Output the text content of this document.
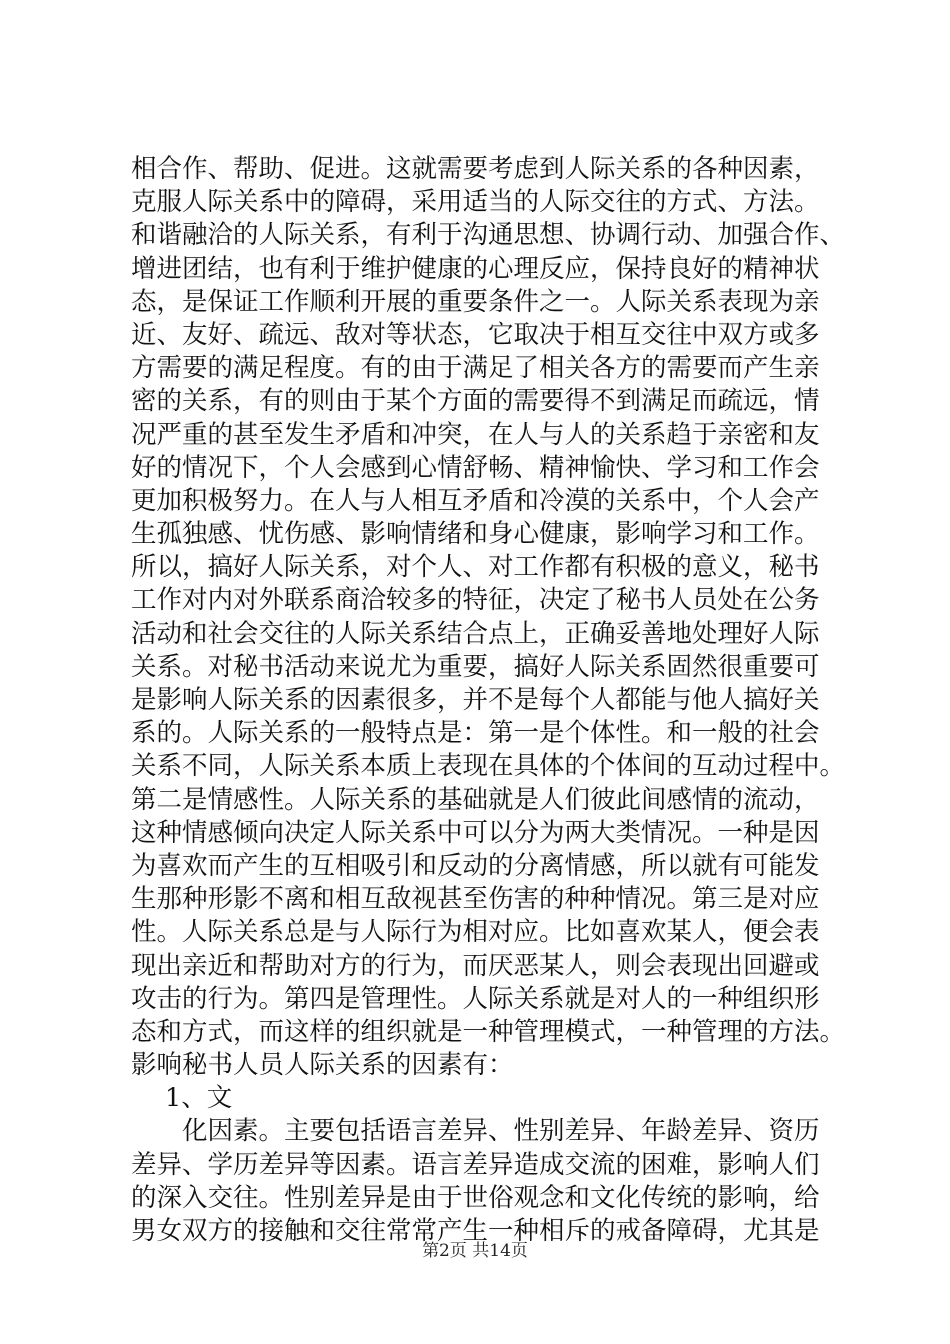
相合作、帮助、促进。这就需要考虑到人际关系的各种因素，
克服人际关系中的障碍，采用适当的人际交往的方式、方法。
和谐融洽的人际关系，有利于沟通思想、协调行动、加强合作、
增进团结，也有利于维护健康的心理反应，保持良好的精神状
态，是保证工作顺利开展的重要条件之一。人际关系表现为亲
近、友好、疏远、敌对等状态，它取决于相互交往中双方或多
方需要的满足程度。有的由于满足了相关各方的需要而产生亲
密的关系，有的则由于某个方面的需要得不到满足而疏远，情
况严重的甚至发生矛盾和冲突，在人与人的关系趋于亲密和友
好的情况下，个人会感到心情舒畅、精神愉快、学习和工作会
更加积极努力。在人与人相互矛盾和冷漠的关系中，个人会产
生孤独感、忧伤感、影响情绪和身心健康，影响学习和工作。
所以，搞好人际关系，对个人、对工作都有积极的意义，秘书
工作对内对外联系商洽较多的特征，决定了秘书人员处在公务
活动和社会交往的人际关系结合点上，正确妥善地处理好人际
关系。对秘书活动来说尤为重要，搞好人际关系固然很重要可
是影响人际关系的因素很多，并不是每个人都能与他人搞好关
系的。人际关系的一般特点是：第一是个体性。和一般的社会
关系不同，人际关系本质上表现在具体的个体间的互动过程中。
第二是情感性。人际关系的基础就是人们彼此间感情的流动，
这种情感倾向决定人际关系中可以分为两大类情况。一种是因
为喜欢而产生的互相吸引和反动的分离情感，所以就有可能发
生那种形影不离和相互敌视甚至伤害的种种情况。第三是对应
性。人际关系总是与人际行为相对应。比如喜欢某人，便会表
现出亲近和帮助对方的行为，而厌恶某人，则会表现出回避或
攻击的行为。第四是管理性。人际关系就是对人的一种组织形
态和方式，而这样的组织就是一种管理模式，一种管理的方法。
影响秘书人员人际关系的因素有：
1、文
化因素。主要包括语言差异、性别差异、年龄差异、资历
差异、学历差异等因素。语言差异造成交流的困难，影响人们
的深入交往。性别差异是由于世俗观念和文化传统的影响，给
男女双方的接触和交往常常产生一种相斥的戒备障碍，尤其是
第2页 共14页
